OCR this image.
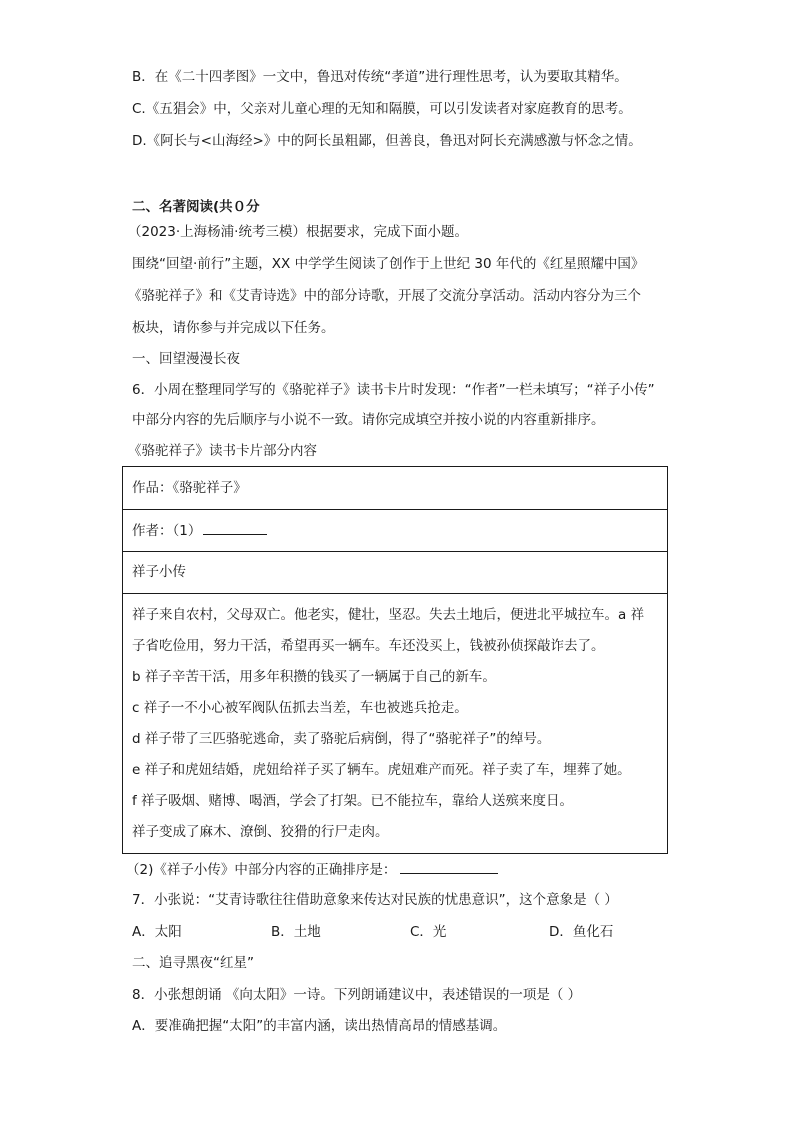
B．在《二十四孝图》一文中，鲁迅对传统“孝道”进行理性思考，认为要取其精华。
C.《五猖会》中，父亲对儿童心理的无知和隔膜，可以引发读者对家庭教育的思考。
D.《阿长与<山海经>》中的阿长虽粗鄙，但善良，鲁迅对阿长充满感激与怀念之情。
二、名著阅读(共０分
（2023·上海杨浦·统考三模）根据要求，完成下面小题。
围绕“回望·前行”主题，XX 中学学生阅读了创作于上世纪 30 年代的《红星照耀中国》
《骆驼祥子》和《艾青诗选》中的部分诗歌，开展了交流分享活动。活动内容分为三个
板块，请你参与并完成以下任务。
一、回望漫漫长夜
6．小周在整理同学写的《骆驼祥子》读书卡片时发现：“作者”一栏未填写；“祥子小传”
中部分内容的先后顺序与小说不一致。请你完成填空并按小说的内容重新排序。
《骆驼祥子》读书卡片部分内容
作品：《骆驼祥子》
作者：（1）
祥子小传
祥子来自农村，父母双亡。他老实，健壮，坚忍。失去土地后，便进北平城拉车。a 祥
子省吃俭用，努力干活，希望再买一辆车。车还没买上，钱被孙侦探敲诈去了。
b 祥子辛苦干活，用多年积攒的钱买了一辆属于自己的新车。
c 祥子一不小心被军阀队伍抓去当差，车也被逃兵抢走。
d 祥子带了三匹骆驼逃命，卖了骆驼后病倒，得了“骆驼祥子”的绰号。
e 祥子和虎妞结婚，虎妞给祥子买了辆车。虎妞难产而死。祥子卖了车，埋葬了她。
f 祥子吸烟、赌博、喝酒，学会了打架。已不能拉车，靠给人送殡来度日。
祥子变成了麻木、潦倒、狡猾的行尸走肉。
（2)《祥子小传》中部分内容的正确排序是：
7．小张说：“艾青诗歌往往借助意象来传达对民族的忧患意识”，这个意象是（ ）
A．太阳	B．土地	C．光	D．鱼化石
二、追寻黑夜“红星”
8．小张想朗诵 《向太阳》一诗。下列朗诵建议中，表述错误的一项是（ ）
A．要准确把握“太阳”的丰富内涵，读出热情高昂的情感基调。
